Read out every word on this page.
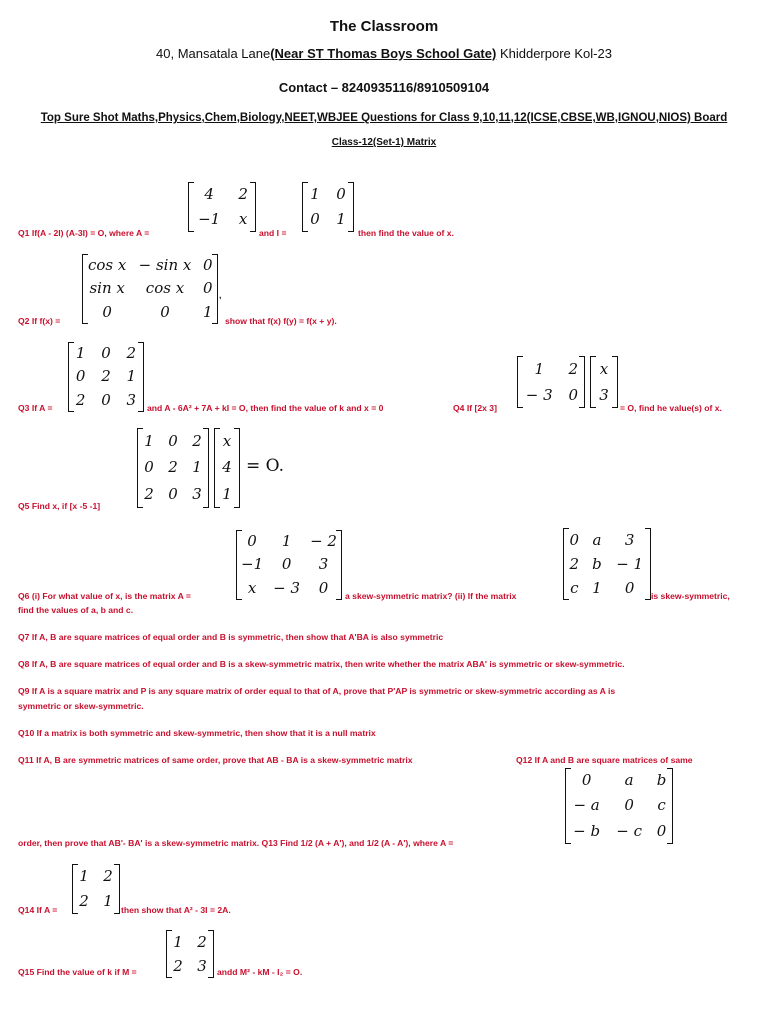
The Classroom
40, Mansatala Lane(Near ST Thomas Boys School Gate) Khidderpore Kol-23
Contact – 8240935116/8910509104
Top Sure Shot Maths,Physics,Chem,Biology,NEET,WBJEE Questions for Class 9,10,11,12(ICSE,CBSE,WB,IGNOU,NIOS) Board
Class-12(Set-1) Matrix
4	2
−1	x
1	0
0	1
Q1 If(A - 2I) (A-3I) = O, where A =	and I =	then find the value of x.
cos x	− sin x	0
sin x	cos x	0
0	0	1
,
Q2 If f(x) =	show that f(x) f(y) = f(x + y).
1	0	2
0	2	1
2	0	3
Q3 If A =	and A - 6A² + 7A + kI = O, then find the value of k and x = 0	Q4 If [2x 3]
1	2
− 3	0
x
3
= O, find he value(s) of x.
1	0	2
0	2	1
2	0	3
x
4
1
= O.
Q5 Find x, if [x -5 -1]
0	1	− 2
−1	0	3
x	− 3	0
0	a	3
2	b	− 1
c	1	0
Q6 (i) For what value of x, is the matrix A =	a skew-symmetric matrix? (ii) If the matrix	is skew-symmetric,
find the values of a, b and c.
Q7 If A, B are square matrices of equal order and B is symmetric, then show that A'BA is also symmetric
Q8 If A, B are square matrices of equal order and B is a skew-symmetric matrix, then write whether the matrix ABA' is symmetric or skew-symmetric.
Q9 If A is a square matrix and P is any square matrix of order equal to that of A, prove that P'AP is symmetric or skew-symmetric according as A is
symmetric or skew-symmetric.
Q10 If a matrix is both symmetric and skew-symmetric, then show that it is a null matrix
Q11 If A, B are symmetric matrices of same order, prove that AB - BA is a skew-symmetric matrix	Q12 If A and B are square matrices of same
0	a	b
− a	0	c
− b	− c	0
order, then prove that AB'- BA' is a skew-symmetric matrix. Q13 Find 1/2 (A + A'), and 1/2 (A - A'), where A =
1	2
2	1
Q14 If A =	then show that A² - 3I = 2A.
1	2
2	3
Q15 Find the value of k if M =	andd M² - kM - I₂ = O.
